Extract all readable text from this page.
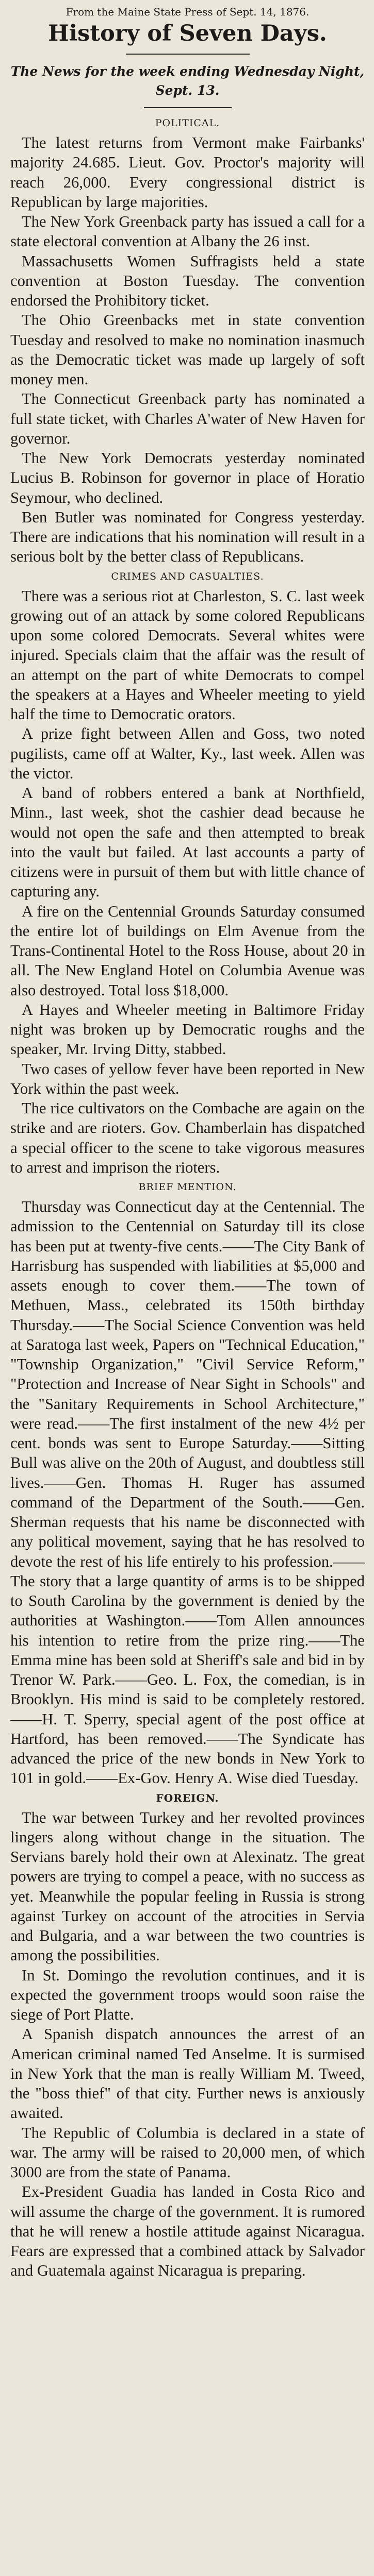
From the Maine State Press of Sept. 14, 1876.
History of Seven Days.
The News for the week ending Wednesday Night, Sept. 13.
POLITICAL.

The latest returns from Vermont make Fairbanks' majority 24.685. Lieut. Gov. Proctor's majority will reach 26,000. Every congressional district is Republican by large majorities.

The New York Greenback party has issued a call for a state electoral convention at Albany the 26 inst.

Massachusetts Women Suffragists held a state convention at Boston Tuesday. The convention endorsed the Prohibitory ticket.

The Ohio Greenbacks met in state convention Tuesday and resolved to make no nomination inasmuch as the Democratic ticket was made up largely of soft money men.

The Connecticut Greenback party has nominated a full state ticket, with Charles A'water of New Haven for governor.

The New York Democrats yesterday nominated Lucius B. Robinson for governor in place of Horatio Seymour, who declined.

Ben Butler was nominated for Congress yesterday. There are indications that his nomination will result in a serious bolt by the better class of Republicans.

CRIMES AND CASUALTIES.

There was a serious riot at Charleston, S. C. last week growing out of an attack by some colored Republicans upon some colored Democrats. Several whites were injured. Specials claim that the affair was the result of an attempt on the part of white Democrats to compel the speakers at a Hayes and Wheeler meeting to yield half the time to Democratic orators.

A prize fight between Allen and Goss, two noted pugilists, came off at Walter, Ky., last week. Allen was the victor.

A band of robbers entered a bank at Northfield, Minn., last week, shot the cashier dead because he would not open the safe and then attempted to break into the vault but failed. At last accounts a party of citizens were in pursuit of them but with little chance of capturing any.

A fire on the Centennial Grounds Saturday consumed the entire lot of buildings on Elm Avenue from the Trans-Continental Hotel to the Ross House, about 20 in all. The New England Hotel on Columbia Avenue was also destroyed. Total loss $18,000.

A Hayes and Wheeler meeting in Baltimore Friday night was broken up by Democratic roughs and the speaker, Mr. Irving Ditty, stabbed.

Two cases of yellow fever have been reported in New York within the past week.

The rice cultivators on the Combache are again on the strike and are rioters. Gov. Chamberlain has dispatched a special officer to the scene to take vigorous measures to arrest and imprison the rioters.

BRIEF MENTION.

Thursday was Connecticut day at the Centennial. The admission to the Centennial on Saturday till its close has been put at twenty-five cents.——The City Bank of Harrisburg has suspended with liabilities at $5,000 and assets enough to cover them.——The town of Methuen, Mass., celebrated its 150th birthday Thursday.——The Social Science Convention was held at Saratoga last week, Papers on "Technical Education," "Township Organization," "Civil Service Reform," "Protection and Increase of Near Sight in Schools" and the "Sanitary Requirements in School Architecture," were read.——The first instalment of the new 4½ per cent. bonds was sent to Europe Saturday.——Sitting Bull was alive on the 20th of August, and doubtless still lives.——Gen. Thomas H. Ruger has assumed command of the Department of the South.——Gen. Sherman requests that his name be disconnected with any political movement, saying that he has resolved to devote the rest of his life entirely to his profession.——The story that a large quantity of arms is to be shipped to South Carolina by the government is denied by the authorities at Washington.——Tom Allen announces his intention to retire from the prize ring.——The Emma mine has been sold at Sheriff's sale and bid in by Trenor W. Park.——Geo. L. Fox, the comedian, is in Brooklyn. His mind is said to be completely restored.——H. T. Sperry, special agent of the post office at Hartford, has been removed.——The Syndicate has advanced the price of the new bonds in New York to 101 in gold.——Ex-Gov. Henry A. Wise died Tuesday.

FOREIGN.

The war between Turkey and her revolted provinces lingers along without change in the situation. The Servians barely hold their own at Alexinatz. The great powers are trying to compel a peace, with no success as yet. Meanwhile the popular feeling in Russia is strong against Turkey on account of the atrocities in Servia and Bulgaria, and a war between the two countries is among the possibilities.

In St. Domingo the revolution continues, and it is expected the government troops would soon raise the siege of Port Platte.

A Spanish dispatch announces the arrest of an American criminal named Ted Anselme. It is surmised in New York that the man is really William M. Tweed, the "boss thief" of that city. Further news is anxiously awaited.

The Republic of Columbia is declared in a state of war. The army will be raised to 20,000 men, of which 3000 are from the state of Panama.

Ex-President Guadia has landed in Costa Rico and will assume the charge of the government. It is rumored that he will renew a hostile attitude against Nicaragua. Fears are expressed that a combined attack by Salvador and Guatemala against Nicaragua is preparing.
